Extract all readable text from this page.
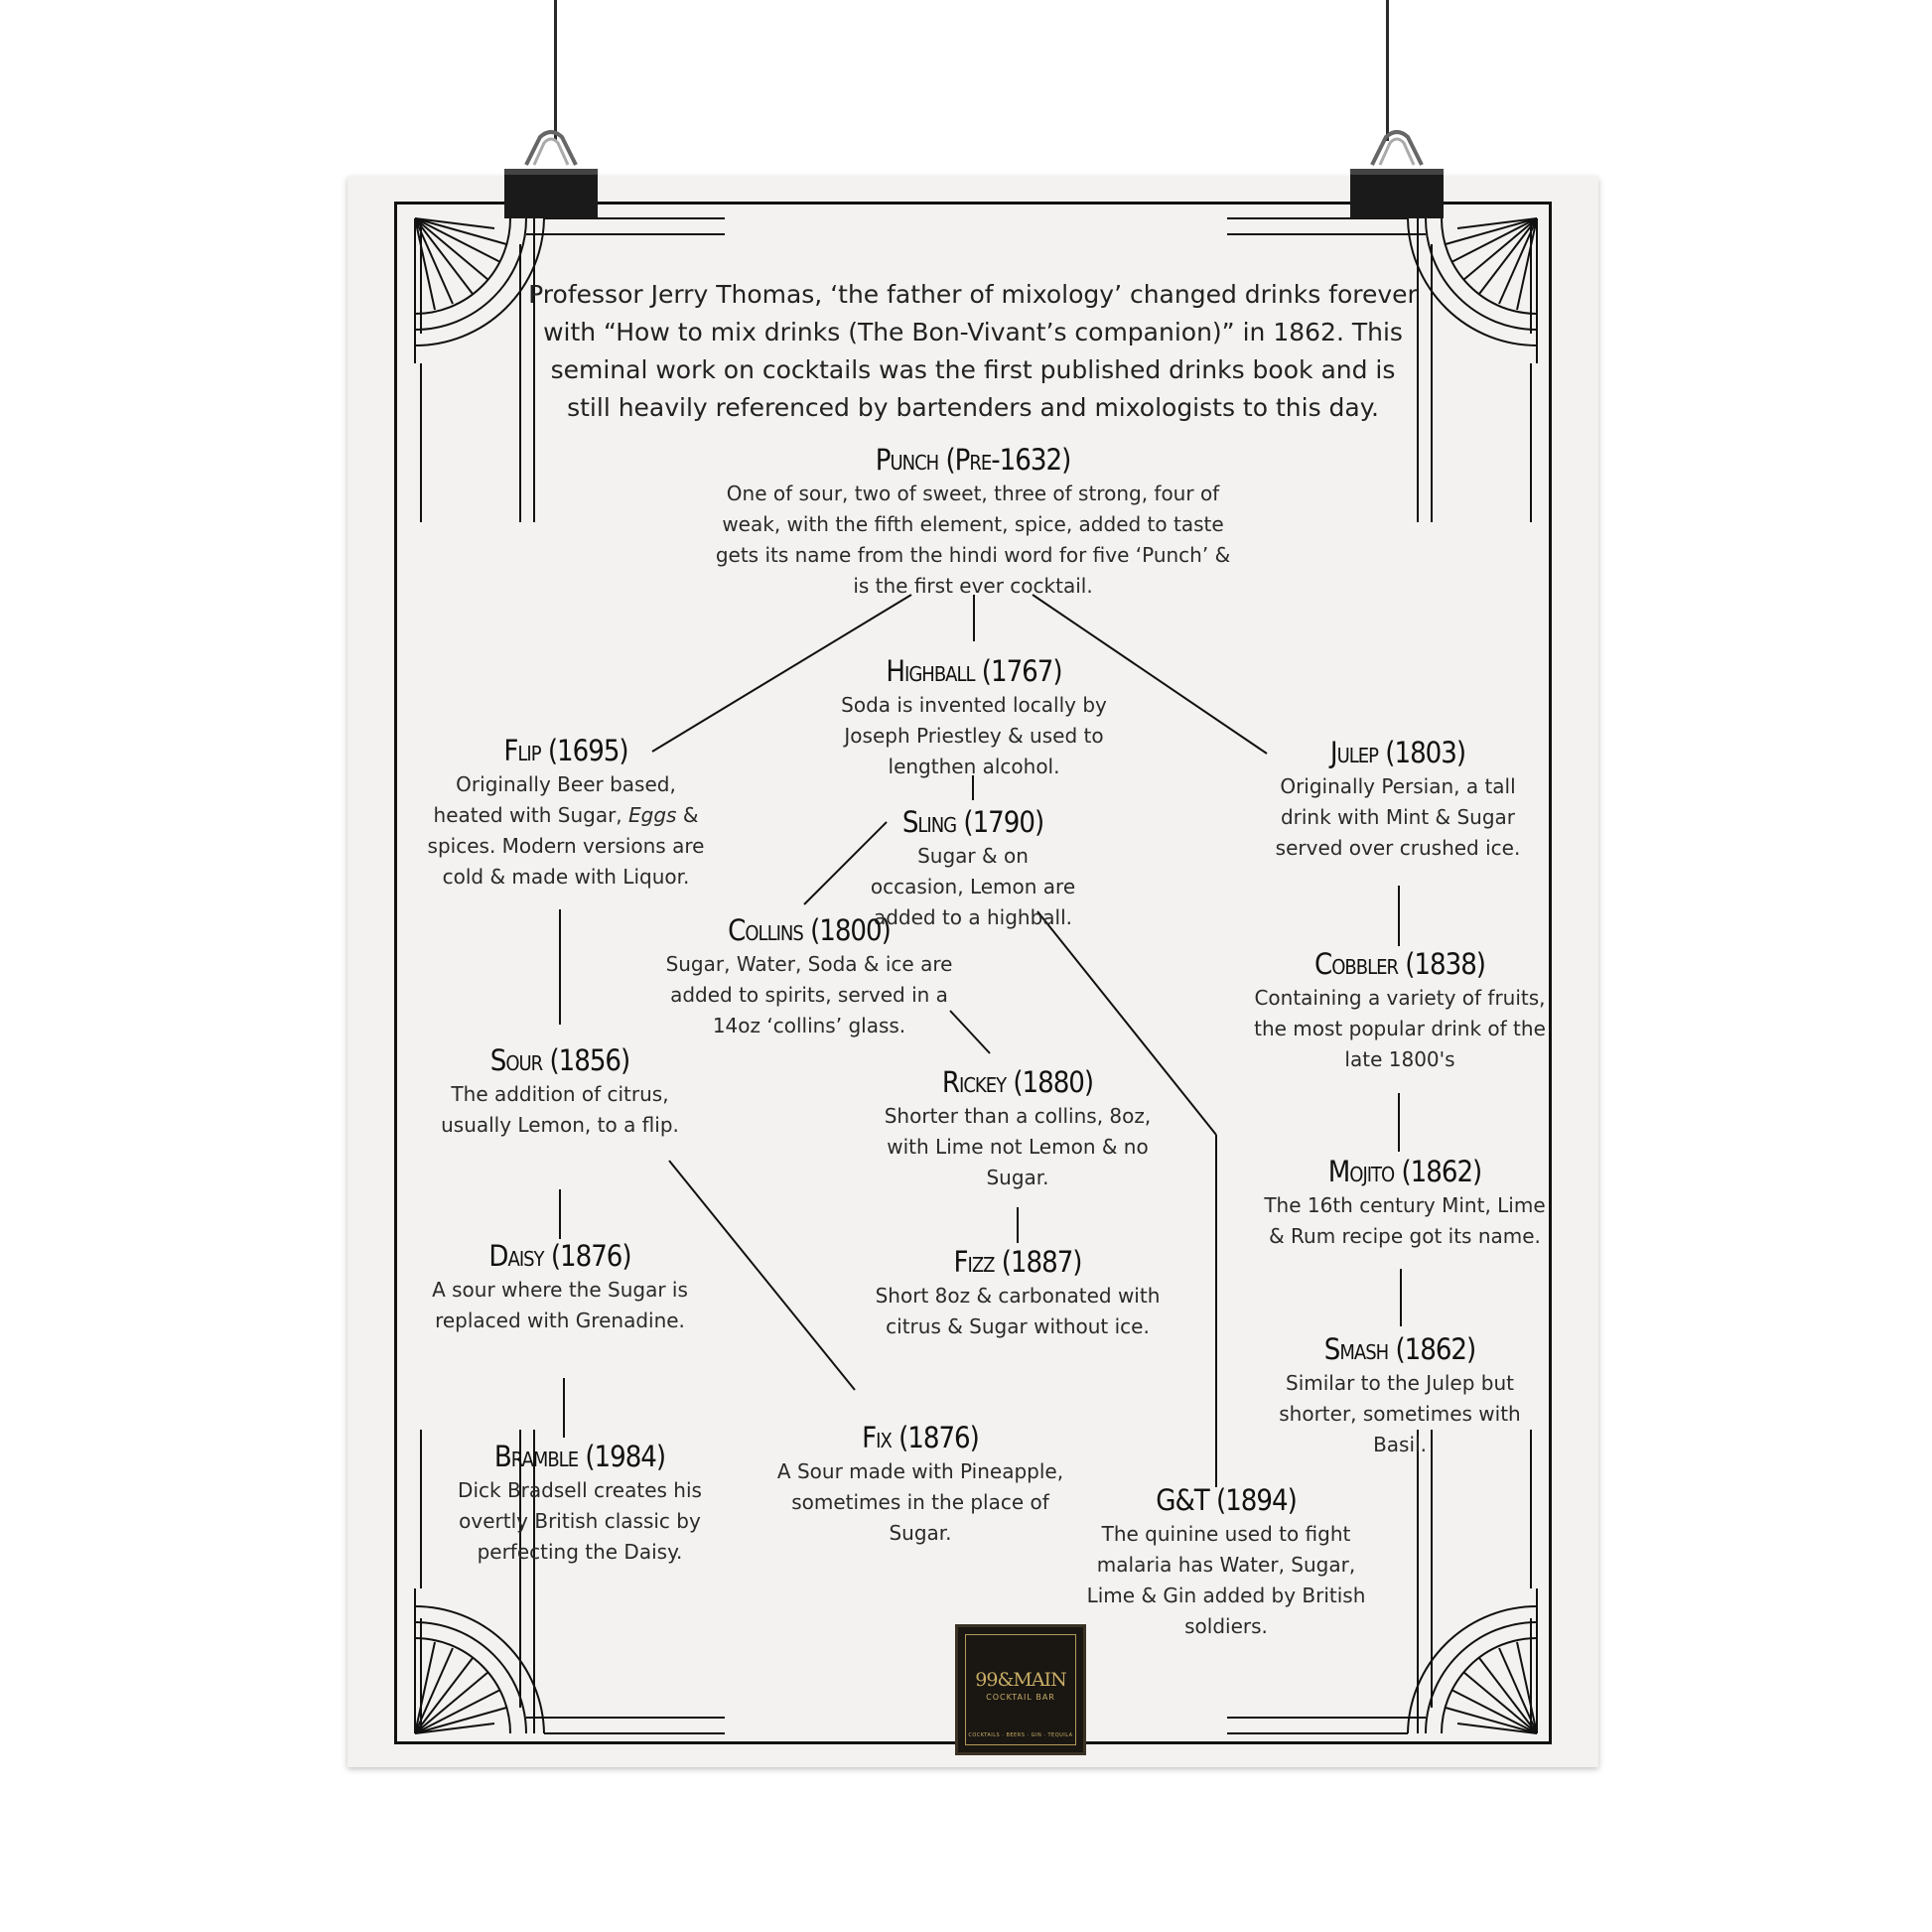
Professor Jerry Thomas, ‘the father of mixology’ changed drinks forever with “How to mix drinks (The Bon-Vivant’s companion)” in 1862. This seminal work on cocktails was the first published drinks book and is still heavily referenced by bartenders and mixologists to this day.
Punch (Pre-1632)
One of sour, two of sweet, three of strong, four of weak, with the fifth element, spice, added to taste gets its name from the hindi word for five ‘Punch’ & is the first ever cocktail.
Highball (1767)
Soda is invented locally by Joseph Priestley & used to lengthen alcohol.
Flip (1695)
Originally Beer based, heated with Sugar, Eggs & spices. Modern versions are cold & made with Liquor.
Julep (1803)
Originally Persian, a tall drink with Mint & Sugar served over crushed ice.
Sling (1790)
Sugar & on occasion, Lemon are added to a highball.
Collins (1800)
Sugar, Water, Soda & ice are added to spirits, served in a 14oz ‘collins’ glass.
Cobbler (1838)
Containing a variety of fruits, the most popular drink of the late 1800's
Sour (1856)
The addition of citrus, usually Lemon, to a flip.
Rickey (1880)
Shorter than a collins, 8oz, with Lime not Lemon & no Sugar.	Mojito (1862)
The 16th century Mint, Lime & Rum recipe got its name.
Daisy (1876)
A sour where the Sugar is replaced with Grenadine.
Fizz (1887)
Short 8oz & carbonated with citrus & Sugar without ice.
Smash (1862)
Similar to the Julep but shorter, sometimes with Basil.
Bramble (1984)
Dick Bradsell creates his overtly British classic by perfecting the Daisy.
Fix (1876)
A Sour made with Pineapple, sometimes in the place of Sugar.
G&T (1894)
The quinine used to fight malaria has Water, Sugar, Lime & Gin added by British soldiers.
99&MAIN
COCKTAIL BAR
COCKTAILS · BEERS · GIN · TEQUILA
